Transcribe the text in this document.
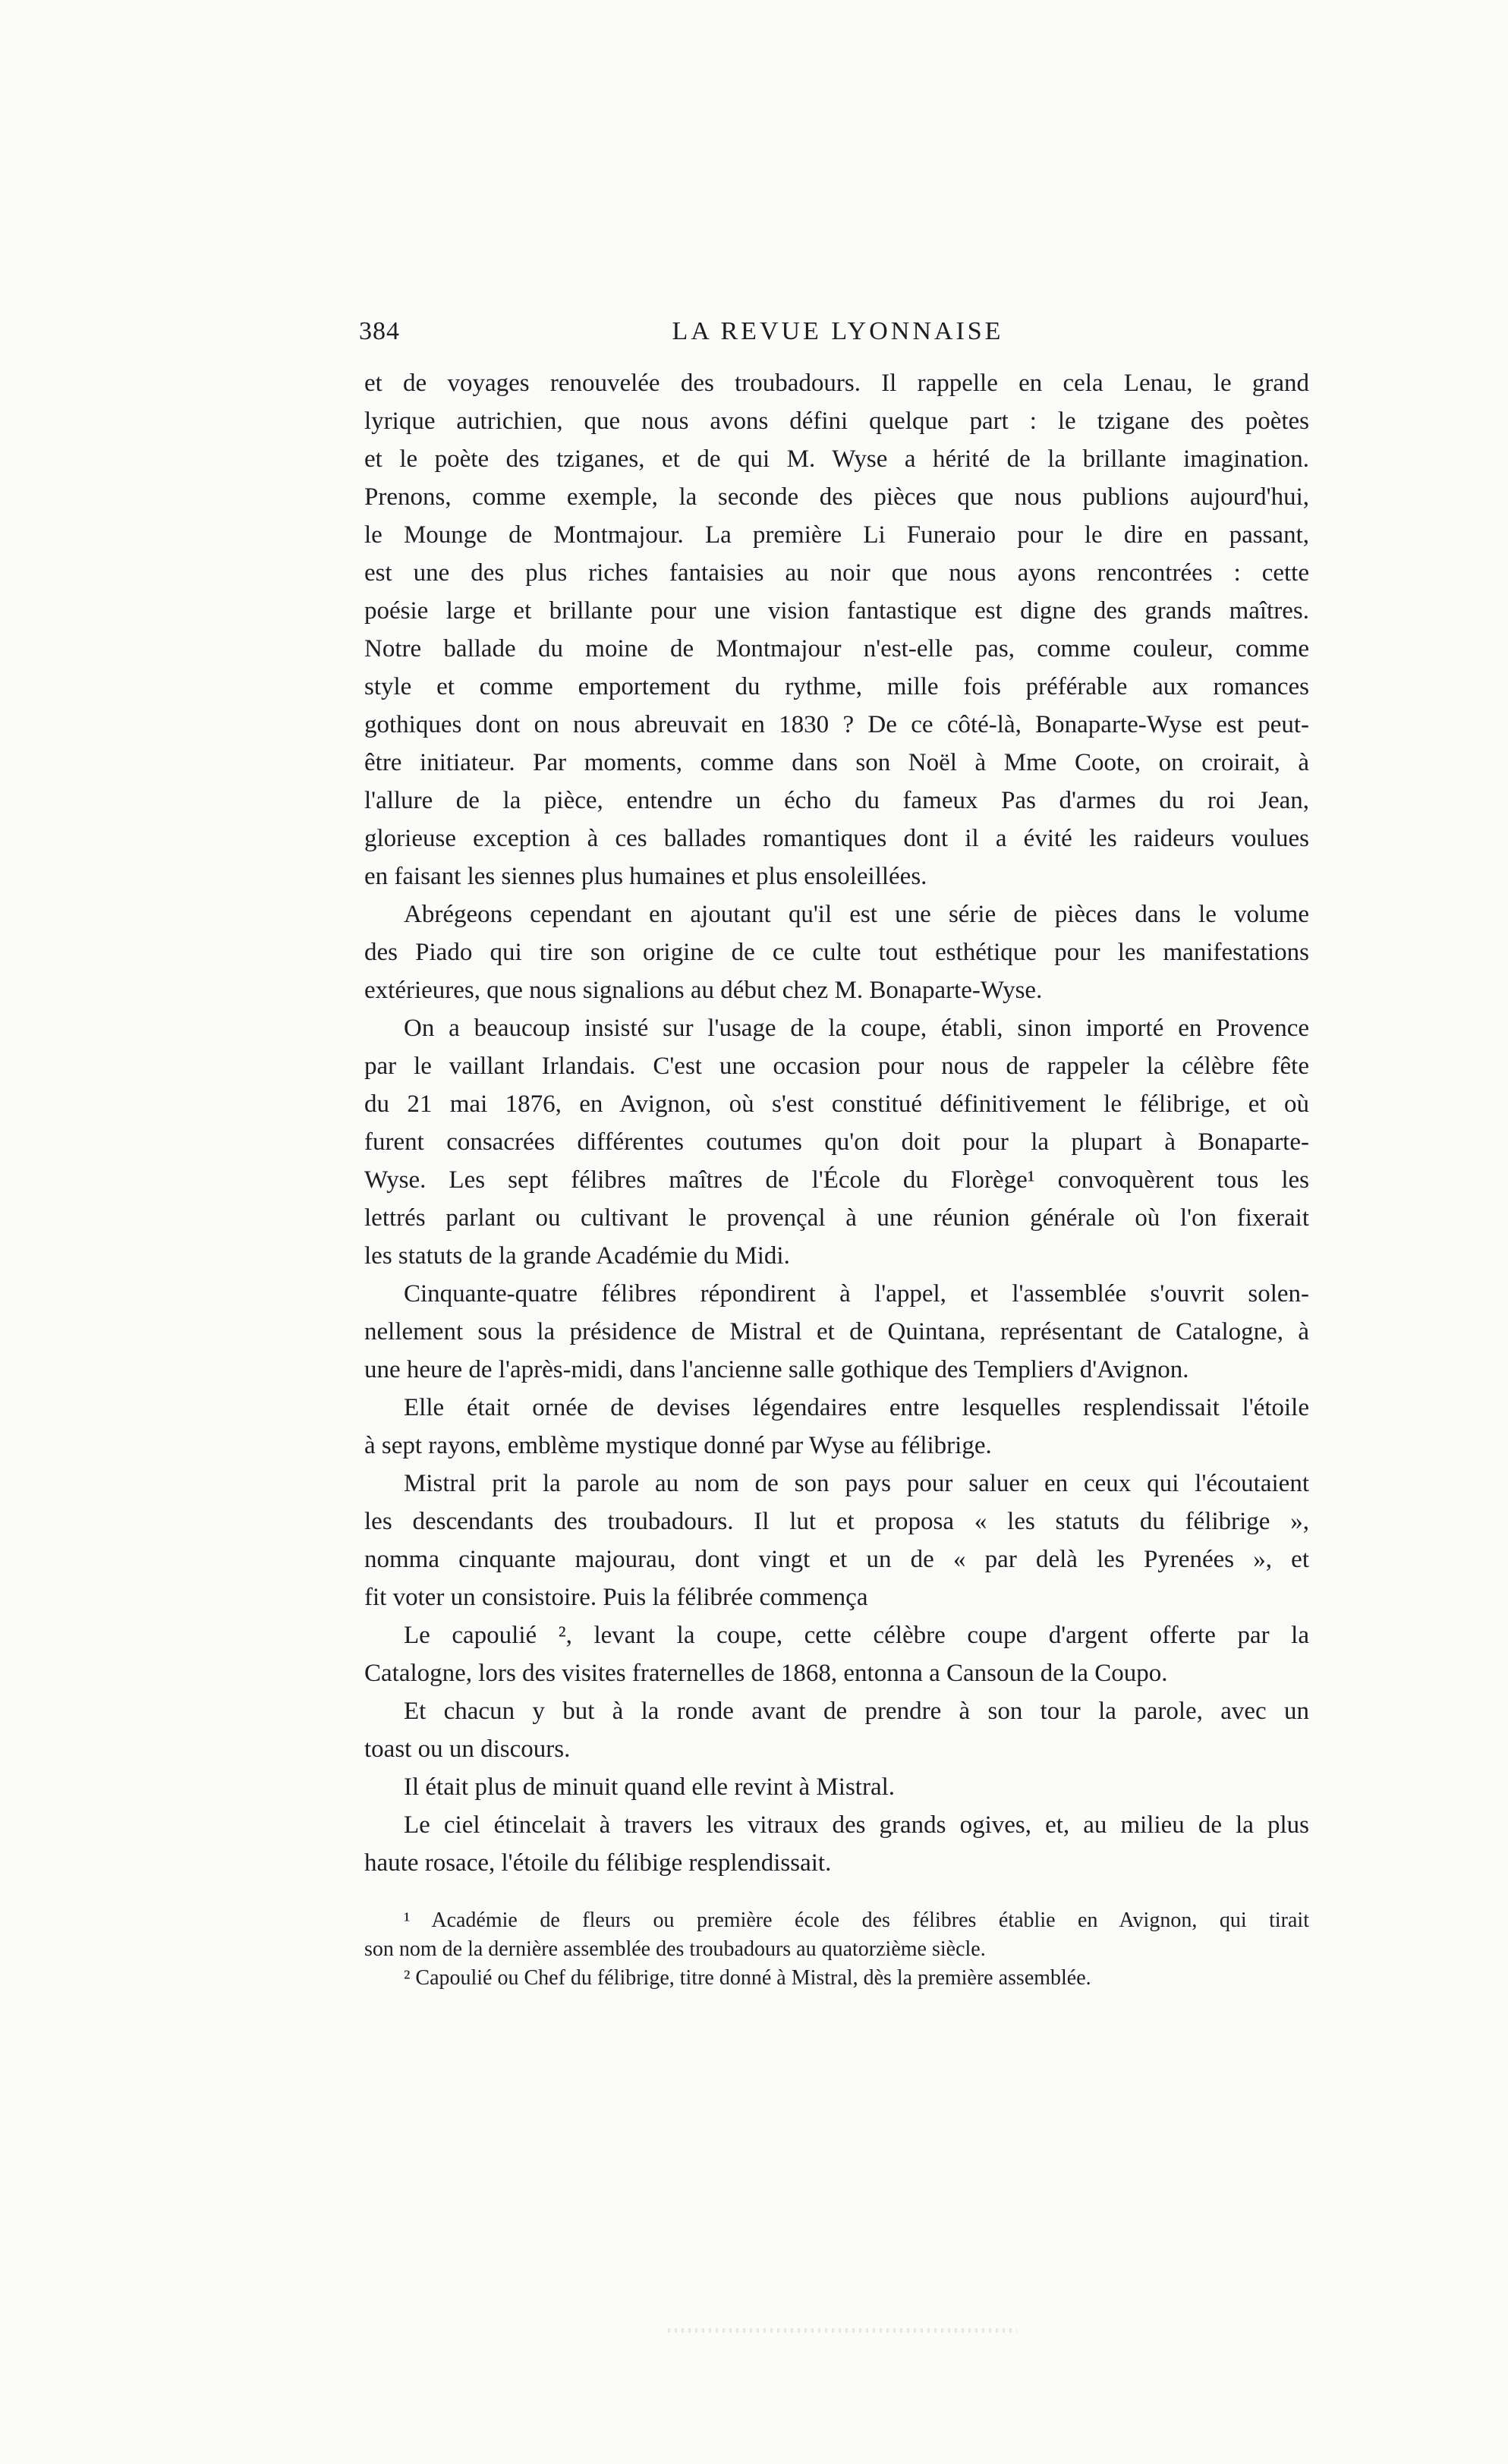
384	LA REVUE LYONNAISE
et de voyages renouvelée des troubadours. Il rappelle en cela Lenau, le grand
lyrique autrichien, que nous avons défini quelque part : le tzigane des poètes
et le poète des tziganes, et de qui M. Wyse a hérité de la brillante imagination.
Prenons, comme exemple, la seconde des pièces que nous publions aujourd'hui,
le Mounge de Montmajour. La première Li Funeraio pour le dire en passant,
est une des plus riches fantaisies au noir que nous ayons rencontrées : cette
poésie large et brillante pour une vision fantastique est digne des grands maîtres.
Notre ballade du moine de Montmajour n'est-elle pas, comme couleur, comme
style et comme emportement du rythme, mille fois préférable aux romances
gothiques dont on nous abreuvait en 1830 ? De ce côté-là, Bonaparte-Wyse est peut-
être initiateur. Par moments, comme dans son Noël à Mme Coote, on croirait, à
l'allure de la pièce, entendre un écho du fameux Pas d'armes du roi Jean,
glorieuse exception à ces ballades romantiques dont il a évité les raideurs voulues
en faisant les siennes plus humaines et plus ensoleillées.
Abrégeons cependant en ajoutant qu'il est une série de pièces dans le volume
des Piado qui tire son origine de ce culte tout esthétique pour les manifestations
extérieures, que nous signalions au début chez M. Bonaparte-Wyse.
On a beaucoup insisté sur l'usage de la coupe, établi, sinon importé en Provence
par le vaillant Irlandais. C'est une occasion pour nous de rappeler la célèbre fête
du 21 mai 1876, en Avignon, où s'est constitué définitivement le félibrige, et où
furent consacrées différentes coutumes qu'on doit pour la plupart à Bonaparte-
Wyse. Les sept félibres maîtres de l'École du Florège¹ convoquèrent tous les
lettrés parlant ou cultivant le provençal à une réunion générale où l'on fixerait
les statuts de la grande Académie du Midi.
Cinquante-quatre félibres répondirent à l'appel, et l'assemblée s'ouvrit solen-
nellement sous la présidence de Mistral et de Quintana, représentant de Catalogne, à
une heure de l'après-midi, dans l'ancienne salle gothique des Templiers d'Avignon.
Elle était ornée de devises légendaires entre lesquelles resplendissait l'étoile
à sept rayons, emblème mystique donné par Wyse au félibrige.
Mistral prit la parole au nom de son pays pour saluer en ceux qui l'écoutaient
les descendants des troubadours. Il lut et proposa « les statuts du félibrige »,
nomma cinquante majourau, dont vingt et un de « par delà les Pyrenées », et
fit voter un consistoire. Puis la félibrée commença
Le capoulié ², levant la coupe, cette célèbre coupe d'argent offerte par la
Catalogne, lors des visites fraternelles de 1868, entonna a Cansoun de la Coupo.
Et chacun y but à la ronde avant de prendre à son tour la parole, avec un
toast ou un discours.
Il était plus de minuit quand elle revint à Mistral.
Le ciel étincelait à travers les vitraux des grands ogives, et, au milieu de la plus
haute rosace, l'étoile du félibige resplendissait.
¹ Académie de fleurs ou première école des félibres établie en Avignon, qui tirait
son nom de la dernière assemblée des troubadours au quatorzième siècle.
² Capoulié ou Chef du félibrige, titre donné à Mistral, dès la première assemblée.
